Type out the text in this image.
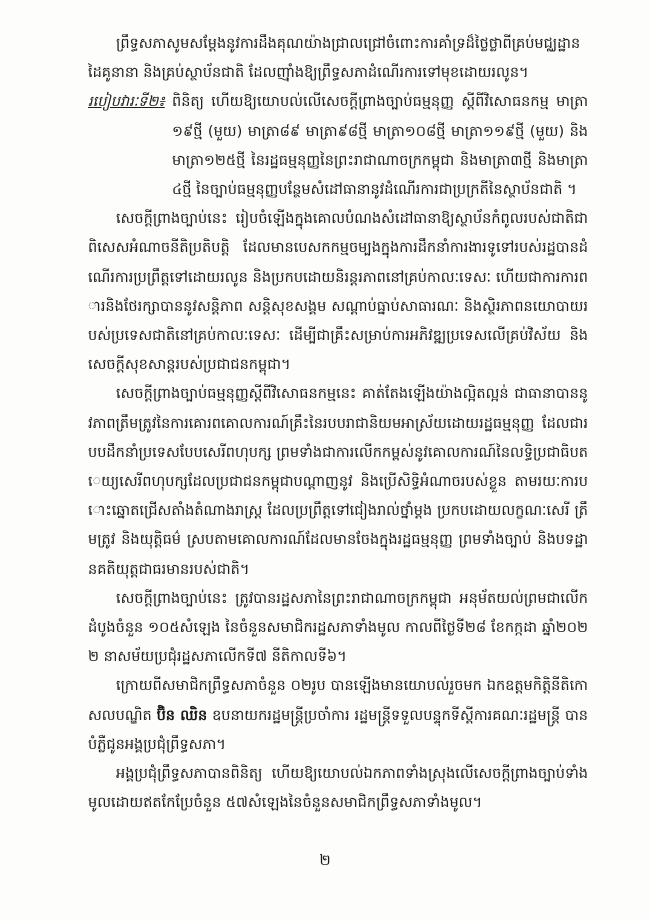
ព្រឹទ្ធសភាសូមសម្ដែងនូវការដឹងគុណយ៉ាងជ្រាលជ្រៅចំពោះការគាំទ្រដ៏ថ្លៃថ្លាពីគ្រប់មជ្ឈដ្ឋានដៃគូនានា និងគ្រប់ស្ថាប័នជាតិ ដែលញ៉ាំងឱ្យព្រឹទ្ធសភាដំណើរការទៅមុខដោយរលូន។

របៀបវារៈទី២៖ ពិនិត្យ ហើយឱ្យយោបល់លើសេចក្ដីព្រាងច្បាប់ធម្មនុញ្ញ ស្ដីពីវិសោធនកម្ម មាត្រា១៩ថ្មី (មួយ) មាត្រា៨៩ មាត្រា៩៨ថ្មី មាត្រា១០៨ថ្មី មាត្រា១១៩ថ្មី (មួយ) និងមាត្រា១២៥ថ្មី នៃរដ្ឋធម្មនុញ្ញនៃព្រះរាជាណាចក្រកម្ពុជា និងមាត្រា៣ថ្មី និងមាត្រា៤ថ្មី នៃច្បាប់ធម្មនុញ្ញបន្ថែមសំដៅធានានូវដំណើរការជាប្រក្រតីនៃស្ថាប័នជាតិ ។

សេចក្ដីព្រាងច្បាប់នេះ រៀបចំឡើងក្នុងគោលបំណងសំដៅធានាឱ្យស្ថាប័នកំពូលរបស់ជាតិជាពិសេសអំណាចនីតិប្រតិបត្តិ ដែលមានបេសកកម្មចម្បងក្នុងការដឹកនាំការងារទូទៅរបស់រដ្ឋបានដំណើរការប្រព្រឹត្តទៅដោយរលូន និងប្រកបដោយនិរន្តរភាពនៅគ្រប់កាលៈទេសៈ ហើយជាការការពារនិងថែរក្សាបាននូវសន្តិភាព សន្តិសុខសង្គម សណ្ដាប់ធ្នាប់សាធារណៈ និងស្ថិរភាពនយោបាយរបស់ប្រទេសជាតិនៅគ្រប់កាលៈទេសៈ ដើម្បីជាគ្រឹះសម្រាប់ការអភិវឌ្ឍប្រទេសលើគ្រប់វិស័យ និងសេចក្ដីសុខសាន្ដរបស់ប្រជាជនកម្ពុជា។

សេចក្ដីព្រាងច្បាប់ធម្មនុញ្ញស្ដីពីវិសោធនកម្មនេះ គាត់តែងឡើងយ៉ាងល្អិតល្អន់ ជាធានាបាននូវភាពត្រឹមត្រូវនៃការគោរពគោលការណ៍គ្រឹះនៃរបបរាជានិយមអាស្រ័យដោយរដ្ឋធម្មនុញ្ញ ដែលជារបបដឹកនាំប្រទេសបែបសេរីពហុបក្ស ព្រមទាំងជាការលើកកម្ពស់នូវគោលការណ៍នៃលទ្ធិប្រជាធិបតេយ្យសេរីពហុបក្សដែលប្រជាជនកម្ពុជាបណ្ដាញនូវ និងប្រើសិទ្ធិអំណាចរបស់ខ្លួន តាមរយៈការបោះឆ្នោតជ្រើសតាំងតំណាងរាស្ត្រ ដែលប្រព្រឹត្តទៅជៀងរាល់ថ្នាំម្ដង ប្រកបដោយលក្ខណៈសេរី ត្រឹមត្រូវ និងយុត្តិធម៌ ស្របតាមគោលការណ៍ដែលមានចែងក្នុងរដ្ឋធម្មនុញ្ញ ព្រមទាំងច្បាប់ និងបទដ្ឋានគតិយុត្តជាធរមានរបស់ជាតិ។

សេចក្ដីព្រាងច្បាប់នេះ ត្រូវបានរដ្ឋសភានៃព្រះរាជាណាចក្រកម្ពុជា អនុម័តយល់ព្រមជាលើកដំបូងចំនួន ១០៥សំឡេង នៃចំនួនសមាជិករដ្ឋសភាទាំងមូល កាលពីថ្ងៃទី២៨ ខែកក្កដា ឆ្នាំ២០២២ នាសម័យប្រជុំរដ្ឋសភាលើកទី៧ នីតិកាលទី៦។

ក្រោយពីសមាជិកព្រឹទ្ធសភាចំនួន ០២រូប បានឡើងមានយោបល់រួចមក ឯកឧត្ដមកិត្តិនីតិកោសលបណ្ឌិត ប៊ិន ឈិន ឧបនាយករដ្ឋមន្ត្រីប្រចាំការ រដ្ឋមន្ត្រីទទួលបន្ទុកទីស្ដីការគណៈរដ្ឋមន្ត្រី បានបំភ្លឺជូនអង្គប្រជុំព្រឹទ្ធសភា។

អង្គប្រជុំព្រឹទ្ធសភាបានពិនិត្យ ហើយឱ្យយោបល់ឯកភាពទាំងស្រុងលើសេចក្ដីព្រាងច្បាប់ទាំងមូលដោយឥតកែប្រែចំនួន ៥៧សំឡេងនៃចំនួនសមាជិកព្រឹទ្ធសភាទាំងមូល។

២
